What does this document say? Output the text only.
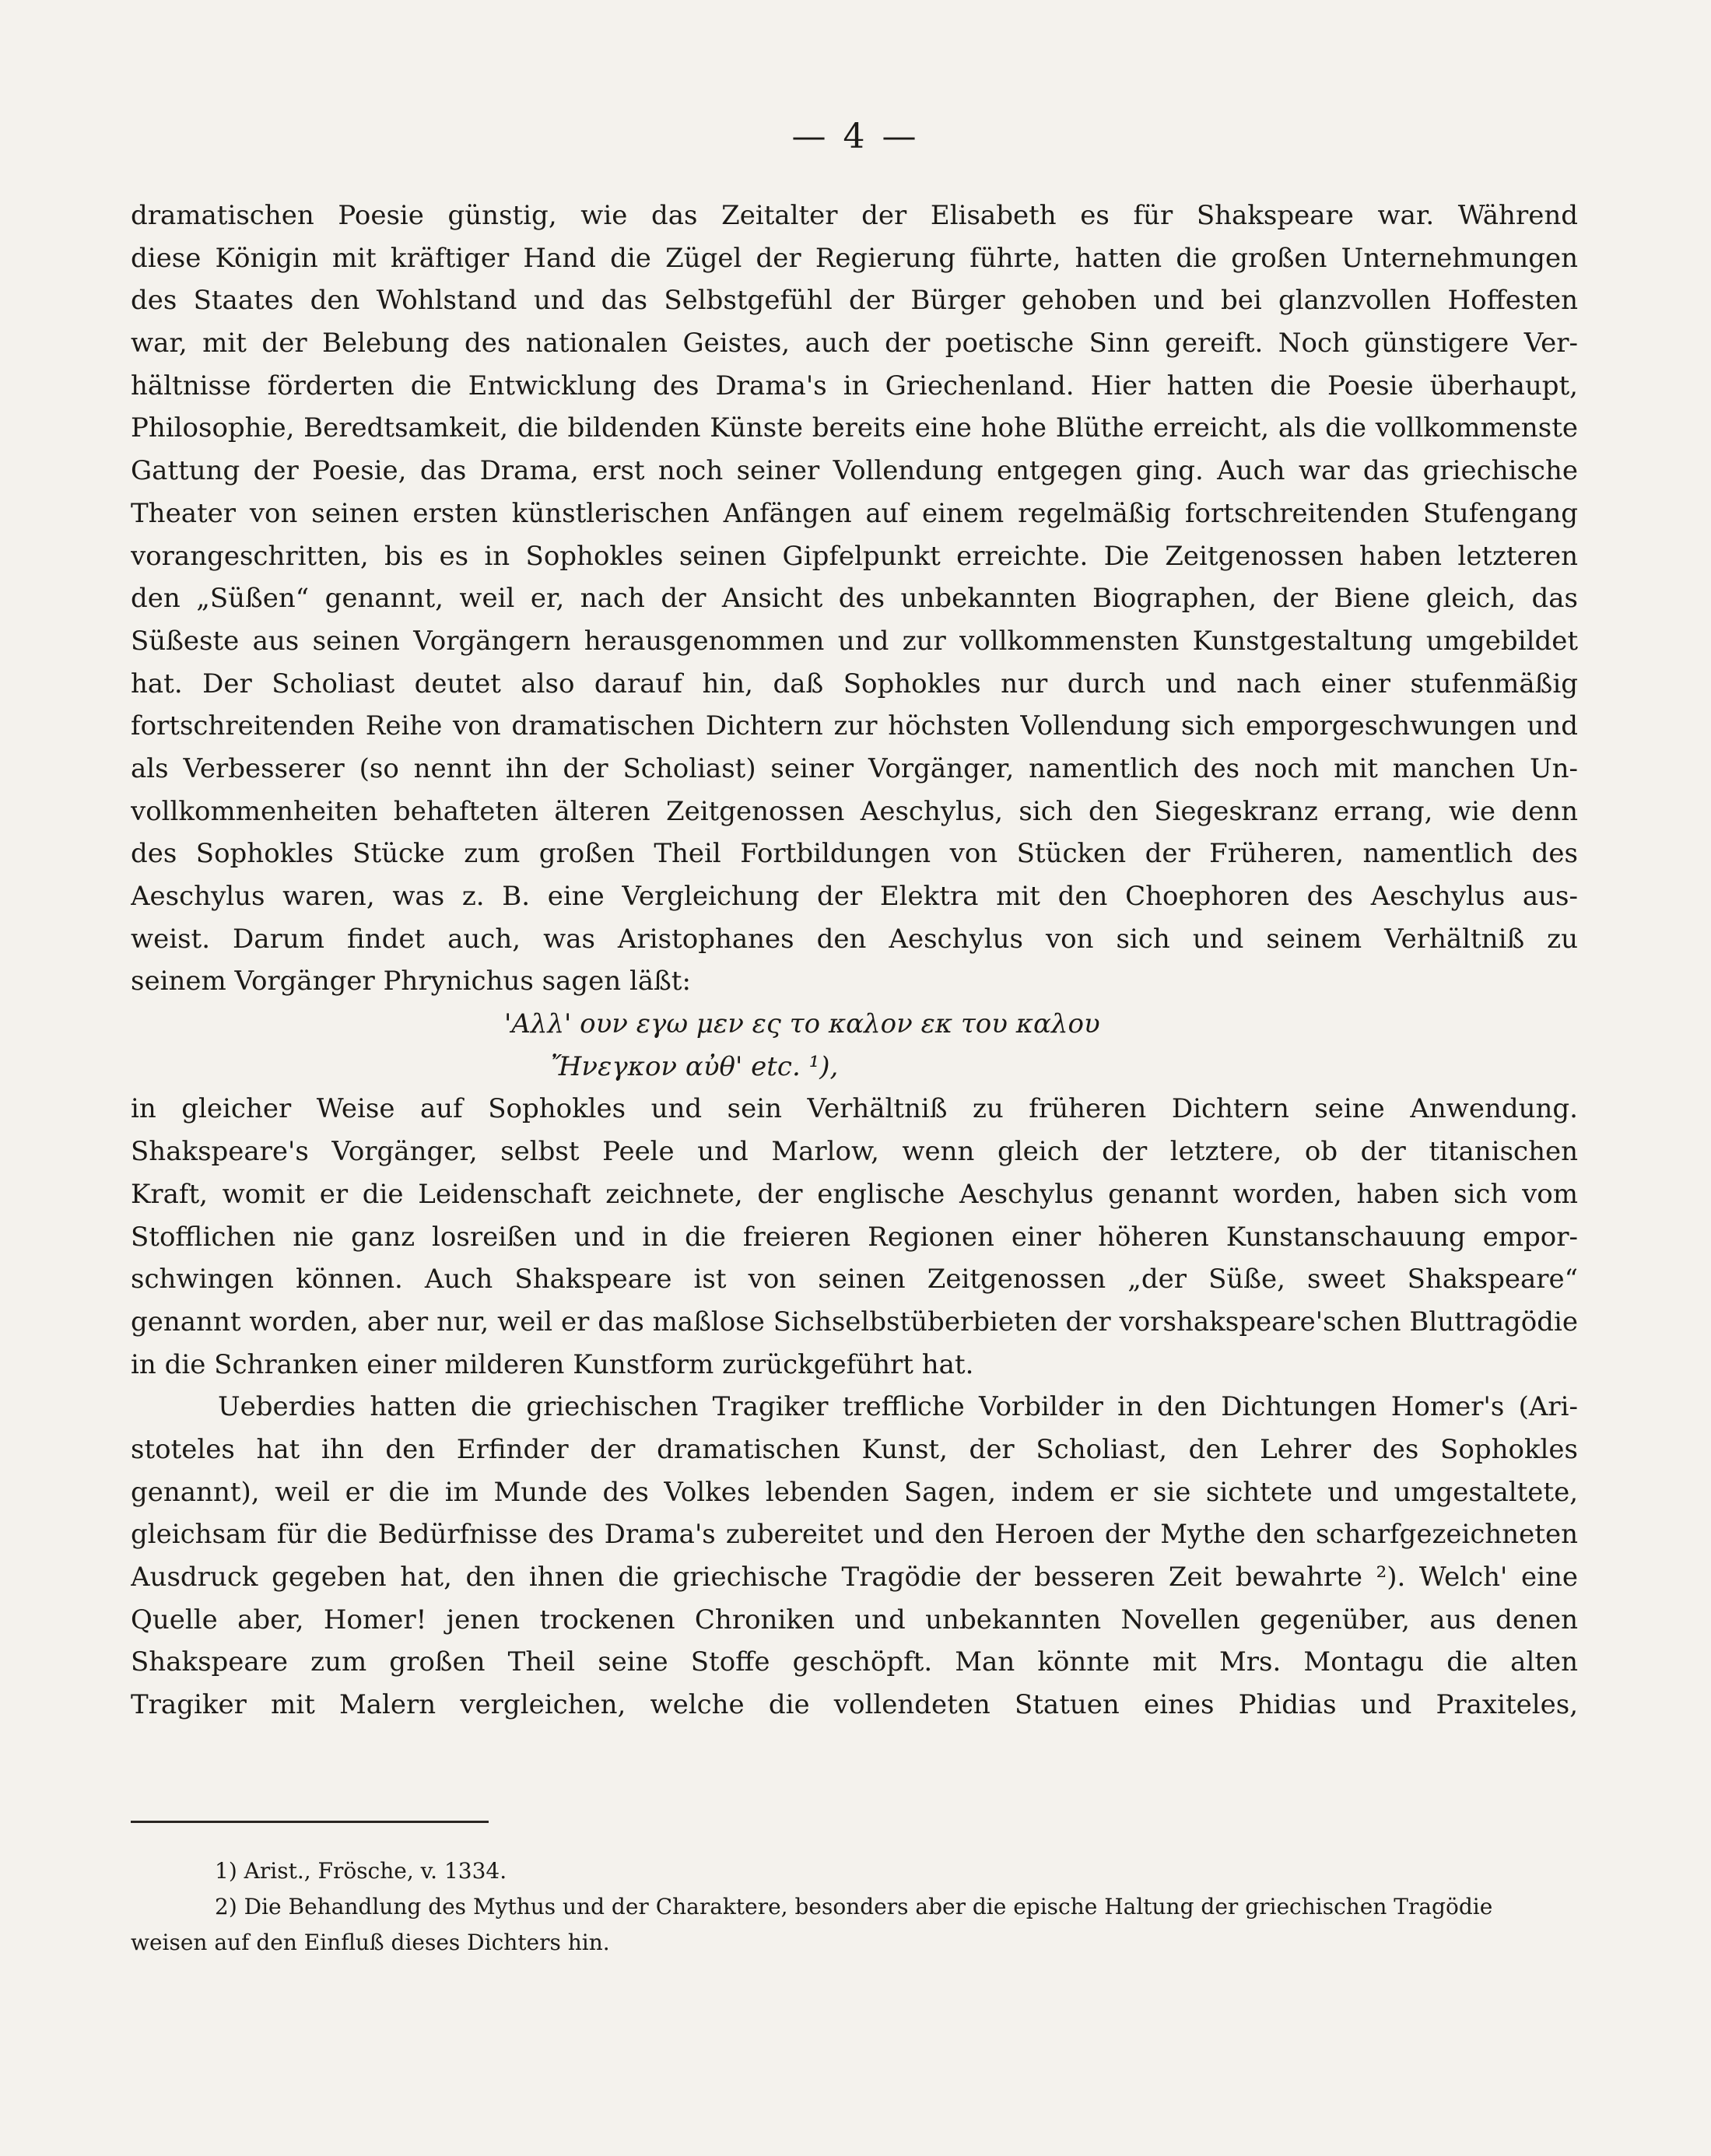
— 4 —
dramatischen Poesie günstig, wie das Zeitalter der Elisabeth es für Shakspeare war. Während
diese Königin mit kräftiger Hand die Zügel der Regierung führte, hatten die großen Unternehmungen
des Staates den Wohlstand und das Selbstgefühl der Bürger gehoben und bei glanzvollen Hoffesten
war, mit der Belebung des nationalen Geistes, auch der poetische Sinn gereift. Noch günstigere Ver-
hältnisse förderten die Entwicklung des Drama's in Griechenland. Hier hatten die Poesie überhaupt,
Philosophie, Beredtsamkeit, die bildenden Künste bereits eine hohe Blüthe erreicht, als die vollkommenste
Gattung der Poesie, das Drama, erst noch seiner Vollendung entgegen ging. Auch war das griechische
Theater von seinen ersten künstlerischen Anfängen auf einem regelmäßig fortschreitenden Stufengang
vorangeschritten, bis es in Sophokles seinen Gipfelpunkt erreichte. Die Zeitgenossen haben letzteren
den „Süßen“ genannt, weil er, nach der Ansicht des unbekannten Biographen, der Biene gleich, das
Süßeste aus seinen Vorgängern herausgenommen und zur vollkommensten Kunstgestaltung umgebildet
hat. Der Scholiast deutet also darauf hin, daß Sophokles nur durch und nach einer stufenmäßig
fortschreitenden Reihe von dramatischen Dichtern zur höchsten Vollendung sich emporgeschwungen und
als Verbesserer (so nennt ihn der Scholiast) seiner Vorgänger, namentlich des noch mit manchen Un-
vollkommenheiten behafteten älteren Zeitgenossen Aeschylus, sich den Siegeskranz errang, wie denn
des Sophokles Stücke zum großen Theil Fortbildungen von Stücken der Früheren, namentlich des
Aeschylus waren, was z. B. eine Vergleichung der Elektra mit den Choephoren des Aeschylus aus-
weist. Darum findet auch, was Aristophanes den Aeschylus von sich und seinem Verhältniß zu
seinem Vorgänger Phrynichus sagen läßt:
'Αλλ' ουν εγω μεν ες το καλον εκ του καλου
Ἤνεγκον αὐθ' etc. ¹),
in gleicher Weise auf Sophokles und sein Verhältniß zu früheren Dichtern seine Anwendung.
Shakspeare's Vorgänger, selbst Peele und Marlow, wenn gleich der letztere, ob der titanischen
Kraft, womit er die Leidenschaft zeichnete, der englische Aeschylus genannt worden, haben sich vom
Stofflichen nie ganz losreißen und in die freieren Regionen einer höheren Kunstanschauung empor-
schwingen können. Auch Shakspeare ist von seinen Zeitgenossen „der Süße, sweet Shakspeare“
genannt worden, aber nur, weil er das maßlose Sichselbstüberbieten der vorshakspeare'schen Bluttragödie
in die Schranken einer milderen Kunstform zurückgeführt hat.
Ueberdies hatten die griechischen Tragiker treffliche Vorbilder in den Dichtungen Homer's (Ari-
stoteles hat ihn den Erfinder der dramatischen Kunst, der Scholiast, den Lehrer des Sophokles
genannt), weil er die im Munde des Volkes lebenden Sagen, indem er sie sichtete und umgestaltete,
gleichsam für die Bedürfnisse des Drama's zubereitet und den Heroen der Mythe den scharfgezeichneten
Ausdruck gegeben hat, den ihnen die griechische Tragödie der besseren Zeit bewahrte ²). Welch' eine
Quelle aber, Homer! jenen trockenen Chroniken und unbekannten Novellen gegenüber, aus denen
Shakspeare zum großen Theil seine Stoffe geschöpft. Man könnte mit Mrs. Montagu die alten
Tragiker mit Malern vergleichen, welche die vollendeten Statuen eines Phidias und Praxiteles,
1) Arist., Frösche, v. 1334.
2) Die Behandlung des Mythus und der Charaktere, besonders aber die epische Haltung der griechischen Tragödie
weisen auf den Einfluß dieses Dichters hin.
